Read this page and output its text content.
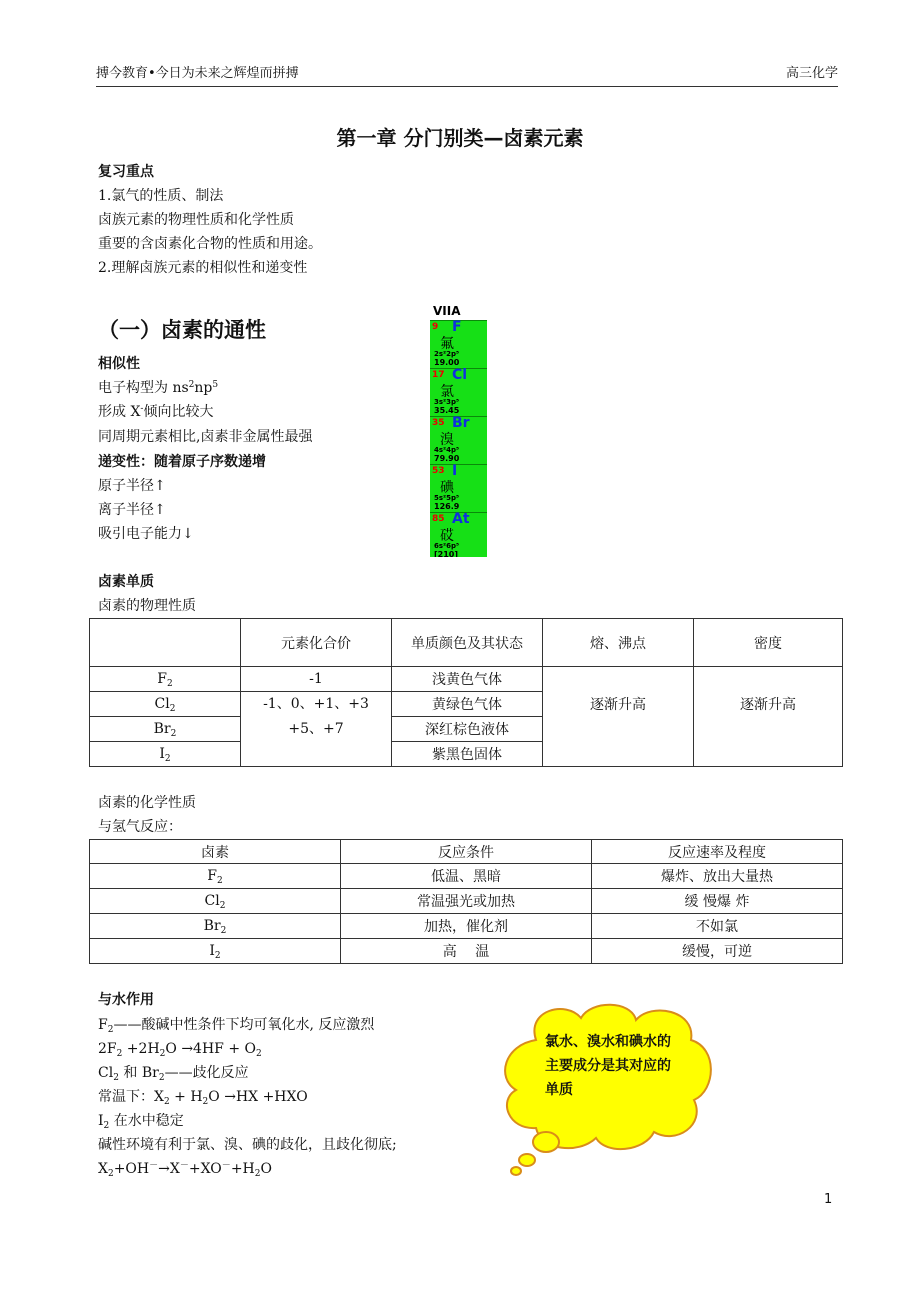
搏今教育•今日为未来之辉煌而拼搏	高三化学
第一章 分门别类—卤素元素
复习重点
1.氯气的性质、制法
卤族元素的物理性质和化学性质
重要的含卤素化合物的性质和用途。
2.理解卤族元素的相似性和递变性
（一）卤素的通性
相似性
电子构型为 $ns^2np^5$
形成 X-倾向比较大
同周期元素相比,卤素非金属性最强
递变性：随着原子序数递增
原子半径↑
离子半径↑
吸引电子能力↓
VIIA
9 F
氟
2s²2p⁵
19.00
17 Cl
氯
3s²3p⁵
35.45
35 Br
溴
4s²4p⁵
79.90
53 I
碘
5s²5p⁵
126.9
85 At
砹
6s²6p⁵
[210]
卤素单质
卤素的物理性质
	元素化合价	单质颜色及其状态	熔、沸点	密度
$F_2$	-1	浅黄色气体	逐渐升高	逐渐升高
$Cl_2$	-1、0、+1、+3
+5、+7	黄绿色气体		
$Br_2$		深红棕色液体		
$I_2$		紫黑色固体		
卤素的化学性质
与氢气反应：
卤素	反应条件	反应速率及程度
$F_2$	低温、黑暗	爆炸、放出大量热
$Cl_2$	常温强光或加热	缓 慢爆 炸
$Br_2$	加热，催化剂	不如氯
$I_2$	高　 温	缓慢，可逆
与水作用
$F_2——$酸碱中性条件下均可氧化水, 反应激烈
$2F_2 +2H_2O \to 4HF + O_2$
$Cl_2$ 和 $Br_2——$歧化反应
常温下：$X_2 + H_2O \to HX +HXO$
$I_2$ 在水中稳定
碱性环境有利于氯、溴、碘的歧化，且歧化彻底;
$X_2+OH^-\to X^-+XO^-+H_2O$
氯水、溴水和碘水的主要成分是其对应的单质
1
